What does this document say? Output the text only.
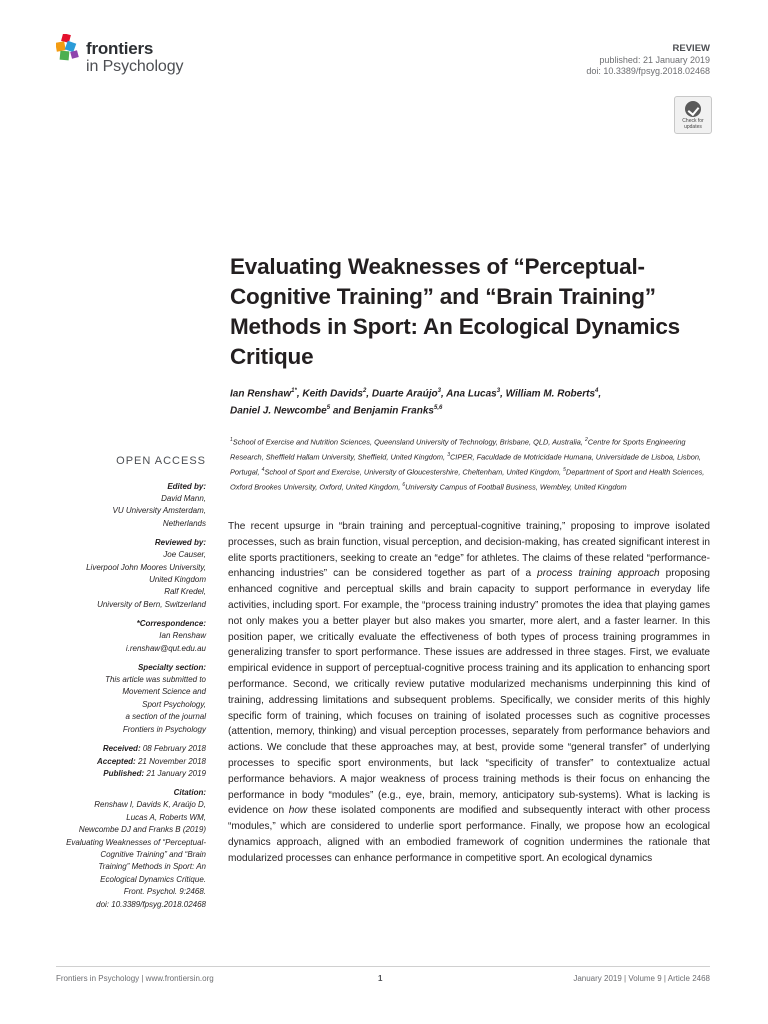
frontiers
in Psychology
REVIEW
published: 21 January 2019
doi: 10.3389/fpsyg.2018.02468
Check for updates
Evaluating Weaknesses of “Perceptual-Cognitive Training” and “Brain Training” Methods in Sport: An Ecological Dynamics Critique
Ian Renshaw$^{1*}$, Keith Davids$^2$, Duarte Araújo$^3$, Ana Lucas$^3$, William M. Roberts$^4$,
Daniel J. Newcombe$^5$ and Benjamin Franks$^{5,6}$
$^1$School of Exercise and Nutrition Sciences, Queensland University of Technology, Brisbane, QLD, Australia, $^2$Centre for Sports Engineering Research, Sheffield Hallam University, Sheffield, United Kingdom, $^3$CIPER, Faculdade de Motricidade Humana, Universidade de Lisboa, Lisbon, Portugal, $^4$School of Sport and Exercise, University of Gloucestershire, Cheltenham, United Kingdom, $^5$Department of Sport and Health Sciences, Oxford Brookes University, Oxford, United Kingdom, $^6$University Campus of Football Business, Wembley, United Kingdom
OPEN ACCESS
Edited by:
David Mann,
VU University Amsterdam,
Netherlands
Reviewed by:
Joe Causer,
Liverpool John Moores University,
United Kingdom
Ralf Kredel,
University of Bern, Switzerland
*Correspondence:
Ian Renshaw
i.renshaw@qut.edu.au
Specialty section:
This article was submitted to
Movement Science and
Sport Psychology,
a section of the journal
Frontiers in Psychology
Received: 08 February 2018
Accepted: 21 November 2018
Published: 21 January 2019
Citation:
Renshaw I, Davids K, Araújo D,
Lucas A, Roberts WM,
Newcombe DJ and Franks B (2019)
Evaluating Weaknesses of “Perceptual-
Cognitive Training” and “Brain
Training” Methods in Sport: An
Ecological Dynamics Critique.
Front. Psychol. 9:2468.
doi: 10.3389/fpsyg.2018.02468

The recent upsurge in “brain training and perceptual-cognitive training,” proposing to improve isolated processes, such as brain function, visual perception, and decision-making, has created significant interest in elite sports practitioners, seeking to create an “edge” for athletes. The claims of these related “performance-enhancing industries” can be considered together as part of a process training approach proposing enhanced cognitive and perceptual skills and brain capacity to support performance in everyday life activities, including sport. For example, the “process training industry” promotes the idea that playing games not only makes you a better player but also makes you smarter, more alert, and a faster learner. In this position paper, we critically evaluate the effectiveness of both types of process training programmes in generalizing transfer to sport performance. These issues are addressed in three stages. First, we evaluate empirical evidence in support of perceptual-cognitive process training and its application to enhancing sport performance. Second, we critically review putative modularized mechanisms underpinning this kind of training, addressing limitations and subsequent problems. Specifically, we consider merits of this highly specific form of training, which focuses on training of isolated processes such as cognitive processes (attention, memory, thinking) and visual perception processes, separately from performance behaviors and actions. We conclude that these approaches may, at best, provide some “general transfer” of underlying processes to specific sport environments, but lack “specificity of transfer” to contextualize actual performance behaviors. A major weakness of process training methods is their focus on enhancing the performance in body “modules” (e.g., eye, brain, memory, anticipatory sub-systems). What is lacking is evidence on how these isolated components are modified and subsequently interact with other process “modules,” which are considered to underlie sport performance. Finally, we propose how an ecological dynamics approach, aligned with an embodied framework of cognition undermines the rationale that modularized processes can enhance performance in competitive sport. An ecological dynamics

Frontiers in Psychology | www.frontiersin.org	1	January 2019 | Volume 9 | Article 2468
